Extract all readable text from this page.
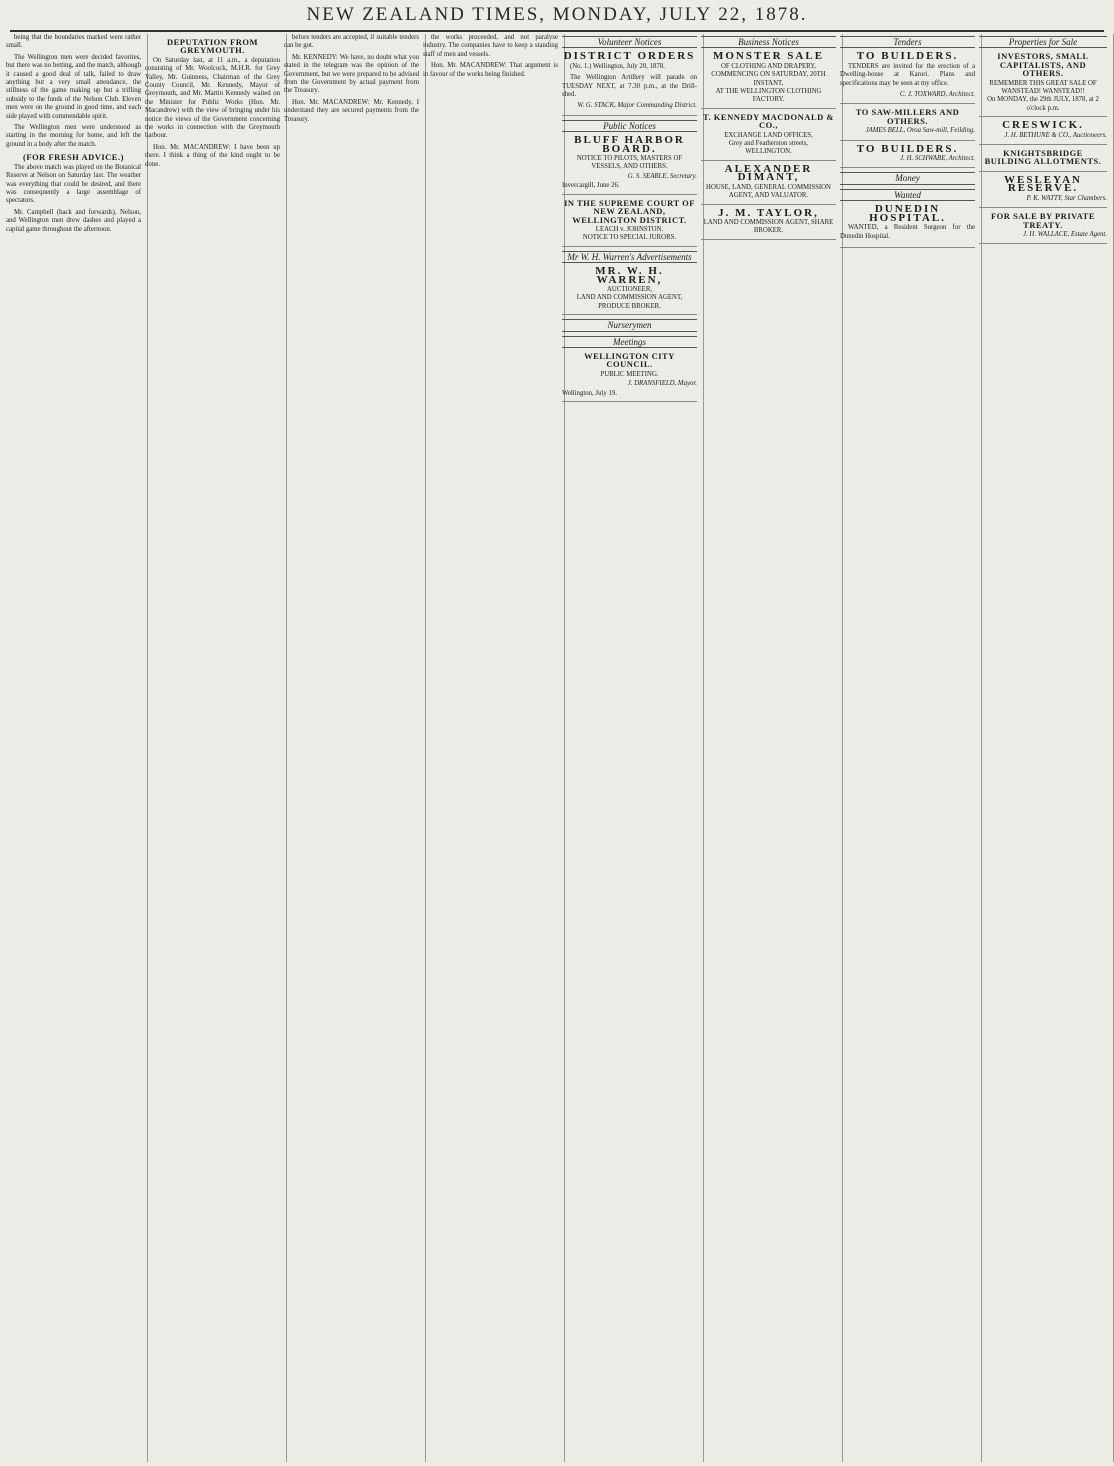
NEW ZEALAND TIMES, MONDAY, JULY 22, 1878.

being that the boundaries marked were rather small.

The Wellington men were decided favorites, but there was no betting, and the match, although it caused a good deal of talk, failed to draw anything but a very small attendance, the stillness of the game making up but a trifling subsidy to the funds of the Nelson Club. Eleven men were on the ground in good time, and each side played with commendable spirit.

The Wellington men were understood as starting in the morning for home, and left the ground in a body after the match.

(FOR FRESH ADVICE.)

The above match was played on the Botanical Reserve at Nelson on Saturday last. The weather was everything that could be desired, and there was consequently a large assemblage of spectators.

Mr. Campbell (back and forwards), Nelson, and Wellington men drew dashes and played a capital game throughout the afternoon.

DEPUTATION FROM GREYMOUTH.

On Saturday last, at 11 a.m., a deputation consisting of Mr. Woolcock, M.H.R. for Grey Valley, Mr. Guinness, Chairman of the Grey County Council, Mr. Kennedy, Mayor of Greymouth, and Mr. Martin Kennedy waited on the Minister for Public Works (Hon. Mr. Macandrew) with the view of bringing under his notice the views of the Government concerning the works in connection with the Greymouth harbour.

Hon. Mr. MACANDREW: I have been up there. I think a thing of the kind ought to be done.

before tenders are accepted, if suitable tenders can be got.

Mr. KENNEDY: We have, no doubt what you stated in the telegram was the opinion of the Government, but we were prepared to be advised from the Government by actual payment from the Treasury.

Hon. Mr. MACANDREW: Mr. Kennedy, I understand they are secured payments from the Treasury.

the works proceeded, and not paralyse industry. The companies have to keep a standing staff of men and vessels.

Hon. Mr. MACANDREW: That argument is in favour of the works being finished.

Volunteer Notices
DISTRICT ORDERS

(No. 1.) Wellington, July 20, 1878.

The Wellington Artillery will parade on TUESDAY NEXT, at 7.30 p.m., at the Drill-shed.

W. G. STACK, Major Commanding District.
Public Notices
BLUFF HARBOR BOARD.
NOTICE TO PILOTS, MASTERS OF VESSELS, AND OTHERS.
G. S. SEARLE, Secretary.
Invercargill, June 26.
IN THE SUPREME COURT OF NEW ZEALAND, WELLINGTON DISTRICT.
LEACH v. JOHNSTON.
NOTICE TO SPECIAL JURORS.
Mr W. H. Warren's Advertisements
MR. W. H. WARREN,
AUCTIONEER,
LAND AND COMMISSION AGENT,
PRODUCE BROKER.
Nurserymen
Meetings
WELLINGTON CITY COUNCIL.
PUBLIC MEETING.
J. DRANSFIELD, Mayor.
Wellington, July 19.
Business Notices
MONSTER SALE
OF CLOTHING AND DRAPERY,
COMMENCING ON SATURDAY, 20TH INSTANT,
AT THE WELLINGTON CLOTHING FACTORY.
T. KENNEDY MACDONALD & CO.,
EXCHANGE LAND OFFICES,
Grey and Featherston streets,
WELLINGTON.
ALEXANDER DIMANT,
HOUSE, LAND, GENERAL COMMISSION AGENT, AND VALUATOR.
J. M. TAYLOR,
LAND AND COMMISSION AGENT, SHARE BROKER.
Tenders
TO BUILDERS.

TENDERS are invited for the erection of a Dwelling-house at Karori. Plans and specifications may be seen at my office.

C. J. TOXWARD, Architect.
TO SAW-MILLERS AND OTHERS.
JAMES BELL, Oroa Saw-mill, Feilding.
TO BUILDERS.
J. H. SCHWABE, Architect.
Money
Wanted
DUNEDIN HOSPITAL.

WANTED, a Resident Surgeon for the Dunedin Hospital.

Properties for Sale
INVESTORS, SMALL CAPITALISTS, AND OTHERS.
REMEMBER THIS GREAT SALE OF WANSTEAD! WANSTEAD!!
On MONDAY, the 29th JULY, 1878, at 2 o'clock p.m.
CRESWICK.
J. H. BETHUNE & CO., Auctioneers.
KNIGHTSBRIDGE BUILDING ALLOTMENTS.
WESLEYAN RESERVE.
P. K. WATTY, Star Chambers.
FOR SALE BY PRIVATE TREATY.
J. H. WALLACE, Estate Agent.
